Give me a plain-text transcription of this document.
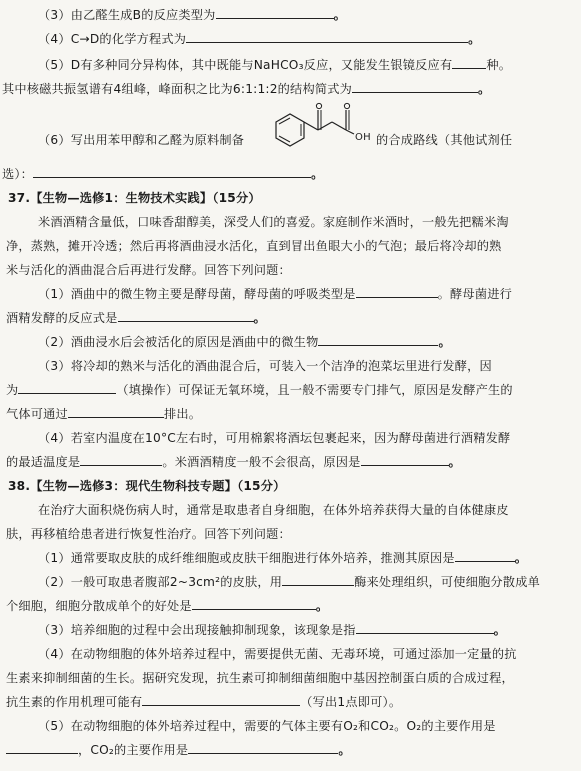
（3）由乙醛生成B的反应类型为	。
（4）C→D的化学方程式为	。
（5）D有多种同分异构体，其中既能与NaHCO₃反应，又能发生银镜反应有	种。
其中核磁共振氢谱有4组峰，峰面积之比为6:1:1:2的结构简式为	。
（6）写出用苯甲醇和乙醛为原料制备	OH 的合成路线（其他试剂任
选）：	。
37.【生物—选修1：生物技术实践】（15分）
米酒酒精含量低，口味香甜醇美，深受人们的喜爱。家庭制作米酒时，一般先把糯米淘
净，蒸熟，摊开冷透；然后再将酒曲浸水活化，直到冒出鱼眼大小的气泡；最后将冷却的熟
米与活化的酒曲混合后再进行发酵。回答下列问题：
（1）酒曲中的微生物主要是酵母菌，酵母菌的呼吸类型是	。酵母菌进行
酒精发酵的反应式是	。
（2）酒曲浸水后会被活化的原因是酒曲中的微生物	。
（3）将冷却的熟米与活化的酒曲混合后，可装入一个洁净的泡菜坛里进行发酵，因
为	（填操作）可保证无氧环境，且一般不需要专门排气，原因是发酵产生的
气体可通过	排出。
（4）若室内温度在10°C左右时，可用棉絮将酒坛包裹起来，因为酵母菌进行酒精发酵
的最适温度是	。米酒酒精度一般不会很高，原因是	。
38.【生物—选修3：现代生物科技专题】（15分）
在治疗大面积烧伤病人时，通常是取患者自身细胞，在体外培养获得大量的自体健康皮
肤，再移植给患者进行恢复性治疗。回答下列问题：
（1）通常要取皮肤的成纤维细胞或皮肤干细胞进行体外培养，推测其原因是	。
（2）一般可取患者腹部2~3cm²的皮肤，用	酶来处理组织，可使细胞分散成单
个细胞，细胞分散成单个的好处是	。
（3）培养细胞的过程中会出现接触抑制现象，该现象是指	。
（4）在动物细胞的体外培养过程中，需要提供无菌、无毒环境，可通过添加一定量的抗
生素来抑制细菌的生长。据研究发现，抗生素可抑制细菌细胞中基因控制蛋白质的合成过程，
抗生素的作用机理可能有	（写出1点即可）。
（5）在动物细胞的体外培养过程中，需要的气体主要有O₂和CO₂。O₂的主要作用是
，CO₂的主要作用是	。
